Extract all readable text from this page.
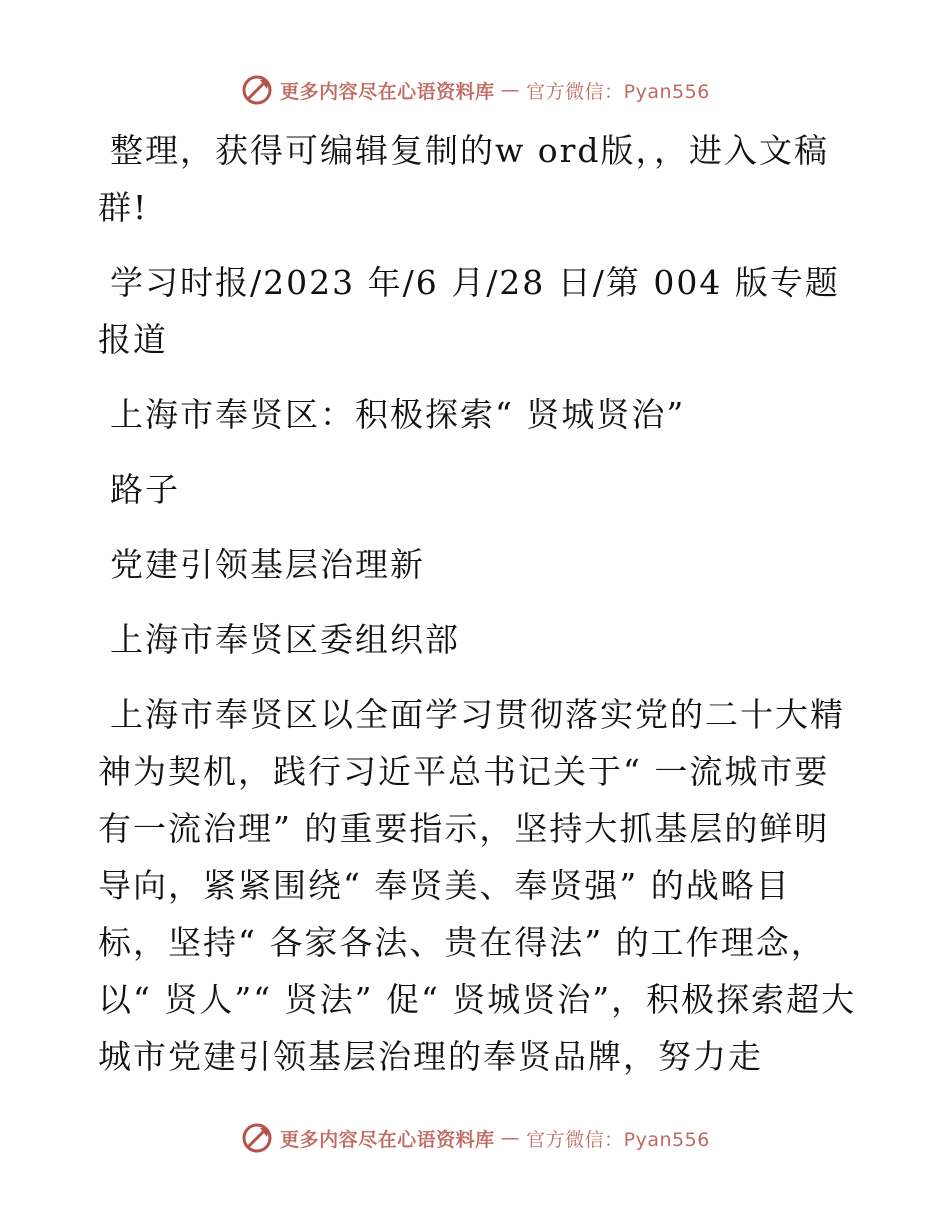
更多内容尽在心语资料库 — 官方微信：Pyan556

整理，获得可编辑复制的w ord版，，进入文稿群!

学习时报/2023 年/6 月/28 日/第 004 版专题报道

上海市奉贤区：积极探索“ 贤城贤治”

路子

党建引领基层治理新

上海市奉贤区委组织部

上海市奉贤区以全面学习贯彻落实党的二十大精神为契机，践行习近平总书记关于“ 一流城市要有一流治理” 的重要指示，坚持大抓基层的鲜明导向，紧紧围绕“ 奉贤美、奉贤强” 的战略目标，坚持“ 各家各法、贵在得法” 的工作理念，以“ 贤人”“ 贤法” 促“ 贤城贤治”，积极探索超大城市党建引领基层治理的奉贤品牌，努力走

更多内容尽在心语资料库 — 官方微信：Pyan556
